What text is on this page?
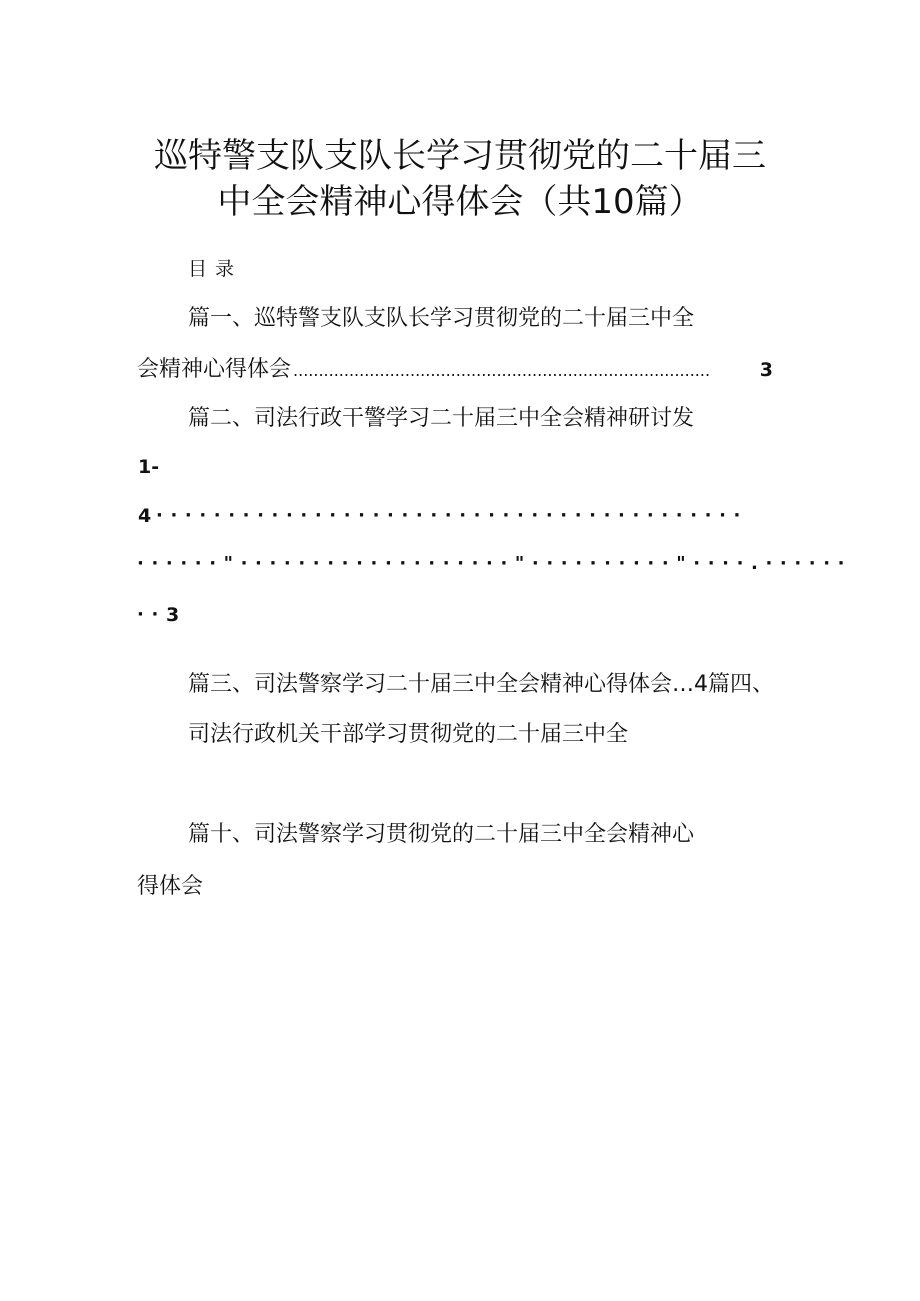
巡特警支队支队长学习贯彻党的二十届三
中全会精神心得体会（共10篇）
目录
篇一、巡特警支队支队长学习贯彻党的二十届三中全
会精神心得体会 ..................................................................................	3
篇二、司法行政干警学习二十届三中全会精神研讨发
1-
4 ·········································
······"···················"··········"····.······
·· 3
篇三、司法警察学习二十届三中全会精神心得体会…4篇四、
司法行政机关干部学习贯彻党的二十届三中全
篇十、司法警察学习贯彻党的二十届三中全会精神心
得体会
